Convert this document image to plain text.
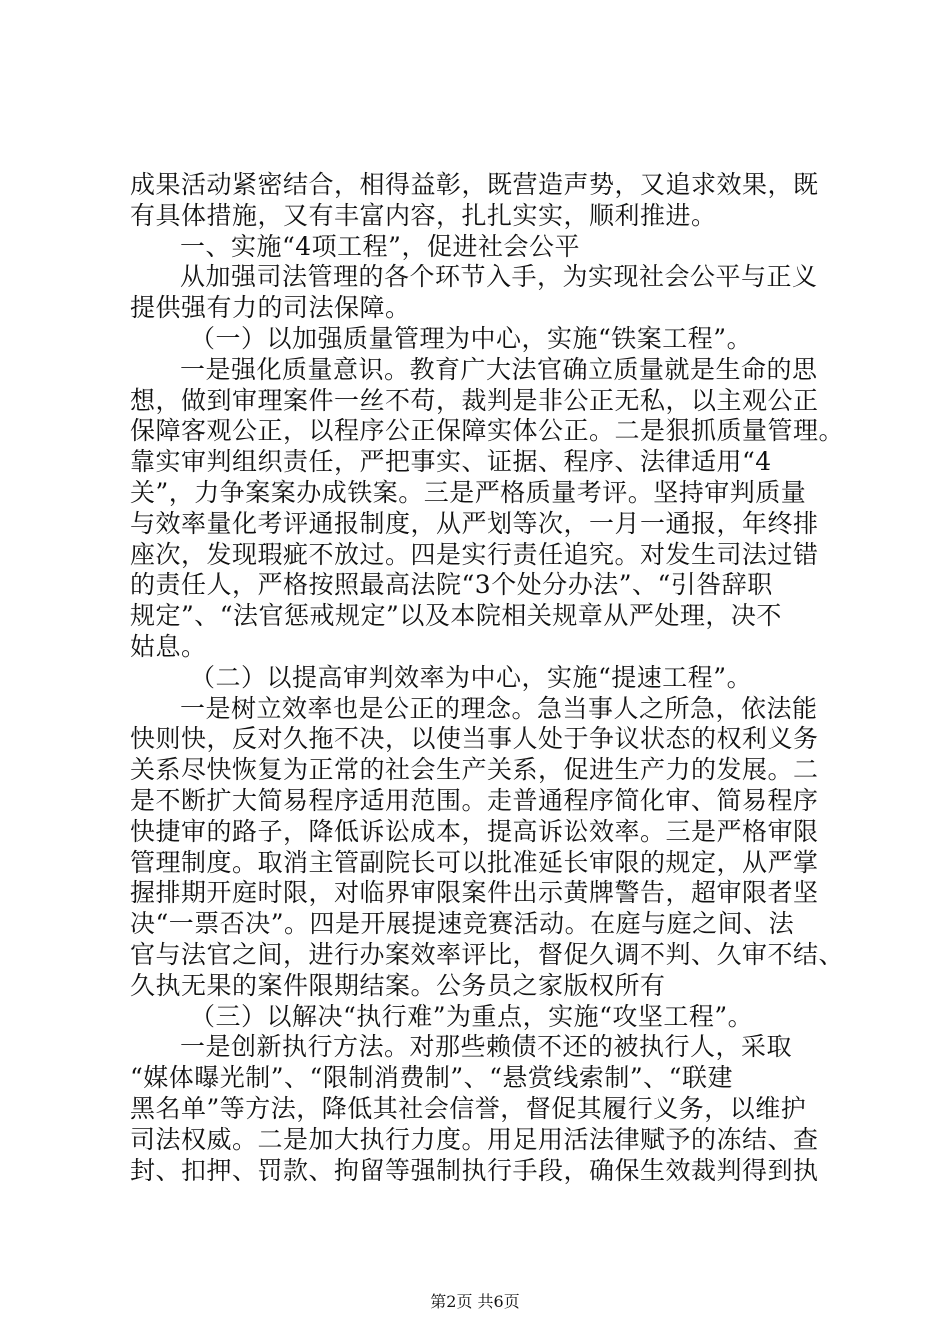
成果活动紧密结合，相得益彰，既营造声势，又追求效果，既
有具体措施，又有丰富内容，扎扎实实，顺利推进。
一、实施“4项工程”，促进社会公平
从加强司法管理的各个环节入手，为实现社会公平与正义
提供强有力的司法保障。
（一）以加强质量管理为中心，实施“铁案工程”。
一是强化质量意识。教育广大法官确立质量就是生命的思
想，做到审理案件一丝不苟，裁判是非公正无私，以主观公正
保障客观公正，以程序公正保障实体公正。二是狠抓质量管理。
靠实审判组织责任，严把事实、证据、程序、法律适用“4
关”，力争案案办成铁案。三是严格质量考评。坚持审判质量
与效率量化考评通报制度，从严划等次，一月一通报，年终排
座次，发现瑕疵不放过。四是实行责任追究。对发生司法过错
的责任人，严格按照最高法院“3个处分办法”、“引咎辞职
规定”、“法官惩戒规定”以及本院相关规章从严处理，决不
姑息。
（二）以提高审判效率为中心，实施“提速工程”。
一是树立效率也是公正的理念。急当事人之所急，依法能
快则快，反对久拖不决，以使当事人处于争议状态的权利义务
关系尽快恢复为正常的社会生产关系，促进生产力的发展。二
是不断扩大简易程序适用范围。走普通程序简化审、简易程序
快捷审的路子，降低诉讼成本，提高诉讼效率。三是严格审限
管理制度。取消主管副院长可以批准延长审限的规定，从严掌
握排期开庭时限，对临界审限案件出示黄牌警告，超审限者坚
决“一票否决”。四是开展提速竞赛活动。在庭与庭之间、法
官与法官之间，进行办案效率评比，督促久调不判、久审不结、
久执无果的案件限期结案。公务员之家版权所有
（三）以解决“执行难”为重点，实施“攻坚工程”。
一是创新执行方法。对那些赖债不还的被执行人，采取
“媒体曝光制”、“限制消费制”、“悬赏线索制”、“联建
黑名单”等方法，降低其社会信誉，督促其履行义务，以维护
司法权威。二是加大执行力度。用足用活法律赋予的冻结、查
封、扣押、罚款、拘留等强制执行手段，确保生效裁判得到执
第2页 共6页
